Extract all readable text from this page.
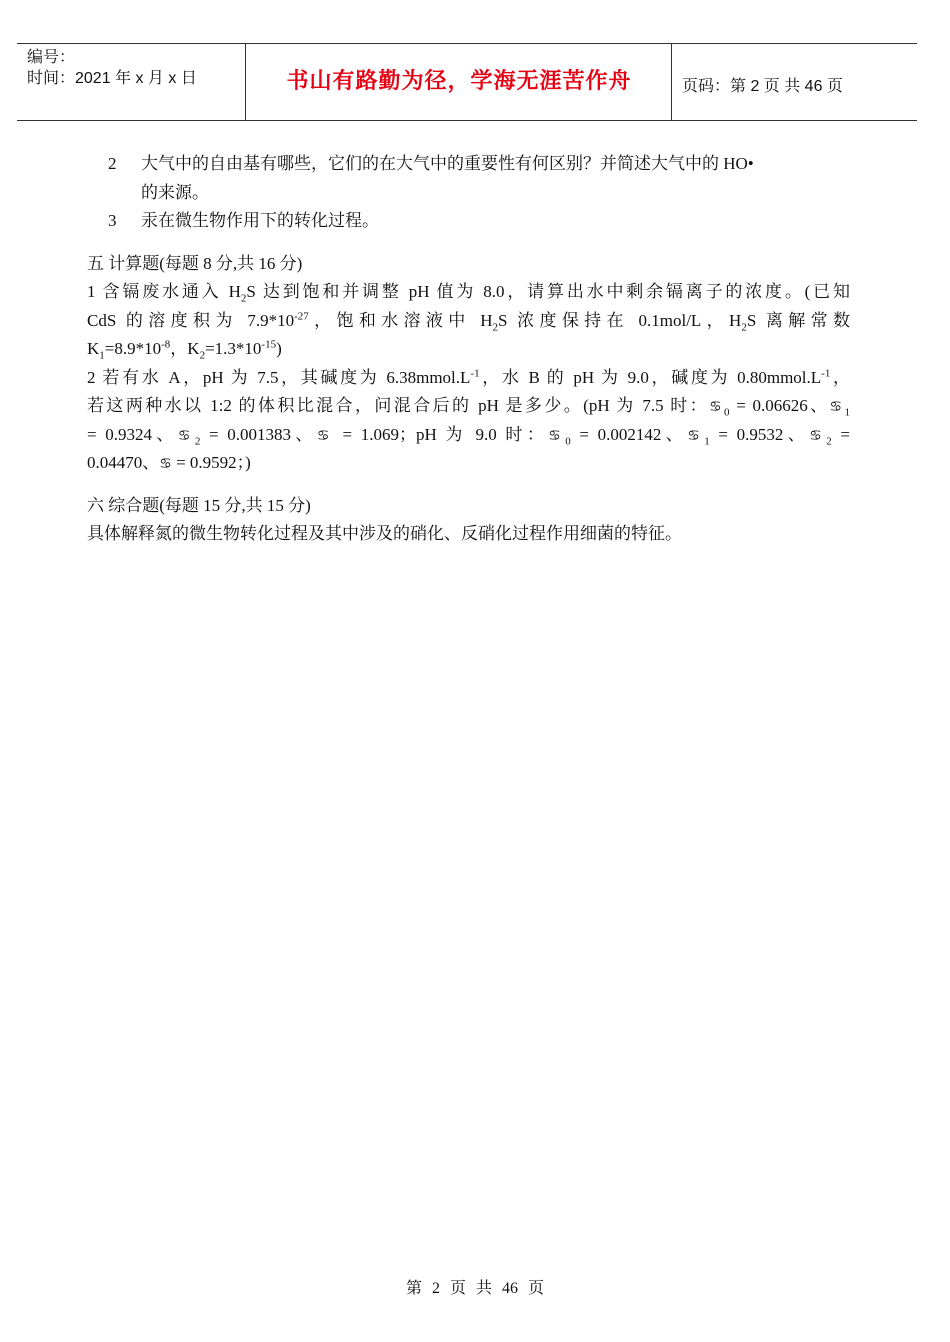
编号：
时间：2021 年 x 月 x 日	书山有路勤为径，学海无涯苦作舟	页码：第 2 页 共 46 页
2 大气中的自由基有哪些，它们的在大气中的重要性有何区别？并简述大气中的 HO•
的来源。
3 汞在微生物作用下的转化过程。
五 计算题(每题 8 分,共 16 分)
1 含镉废水通入 $H_2S$ 达到饱和并调整 pH 值为 8.0，请算出水中剩余镉离子的浓度。(已知
CdS 的溶度积为 $7.9*10^{-27}$，饱和水溶液中 $H_2S$ 浓度保持在 0.1mol/L，$H_2S$ 离解常数
$K_1=8.9*10^{-8}$，$K_2=1.3*10^{-15}$)
2 若有水 A，pH 为 7.5，其碱度为 $6.38mmol.L^{-1}$，水 B 的 pH 为 9.0，碱度为 $0.80mmol.L^{-1}$，
若这两种水以 1:2 的体积比混合，问混合后的 pH 是多少。(pH 为 7.5 时：$♋_0 = 0.06626$、$♋_1$
= 0.9324、$♋_2 = 0.001383$、♋ = 1.069；pH 为 9.0 时：$♋_0 = 0.002142$、$♋_1 = 0.9532$、$♋_2$ =
0.04470、♋ = 0.9592；)
六 综合题(每题 15 分,共 15 分)
具体解释氮的微生物转化过程及其中涉及的硝化、反硝化过程作用细菌的特征。
第 2 页 共 46 页
